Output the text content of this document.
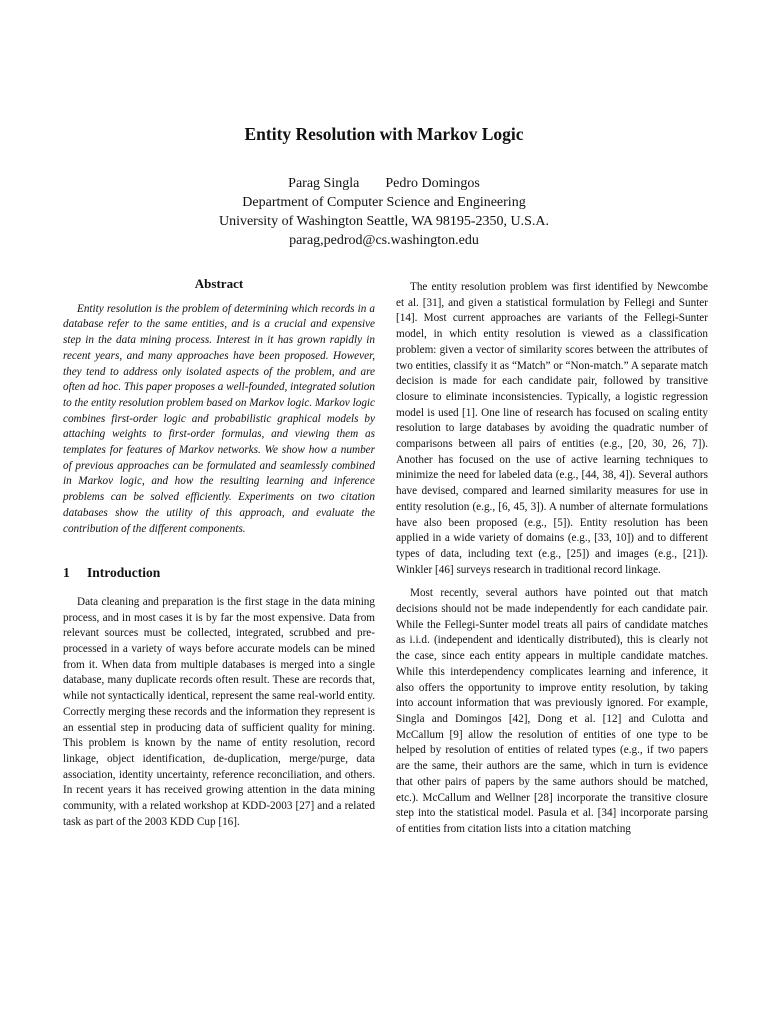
Entity Resolution with Markov Logic
Parag Singla Pedro Domingos
Department of Computer Science and Engineering
University of Washington Seattle, WA 98195-2350, U.S.A.
parag,pedrod@cs.washington.edu
Abstract

Entity resolution is the problem of determining which records in a database refer to the same entities, and is a crucial and expensive step in the data mining process. Interest in it has grown rapidly in recent years, and many approaches have been proposed. However, they tend to address only isolated aspects of the problem, and are often ad hoc. This paper proposes a well-founded, integrated solution to the entity resolution problem based on Markov logic. Markov logic combines first-order logic and probabilistic graphical models by attaching weights to first-order formulas, and viewing them as templates for features of Markov networks. We show how a number of previous approaches can be formulated and seamlessly combined in Markov logic, and how the resulting learning and inference problems can be solved efficiently. Experiments on two citation databases show the utility of this approach, and evaluate the contribution of the different components.

1 Introduction

Data cleaning and preparation is the first stage in the data mining process, and in most cases it is by far the most expensive. Data from relevant sources must be collected, integrated, scrubbed and pre-processed in a variety of ways before accurate models can be mined from it. When data from multiple databases is merged into a single database, many duplicate records often result. These are records that, while not syntactically identical, represent the same real-world entity. Correctly merging these records and the information they represent is an essential step in producing data of sufficient quality for mining. This problem is known by the name of entity resolution, record linkage, object identification, de-duplication, merge/purge, data association, identity uncertainty, reference reconciliation, and others. In recent years it has received growing attention in the data mining community, with a related workshop at KDD-2003 [27] and a related task as part of the 2003 KDD Cup [16].

The entity resolution problem was first identified by Newcombe et al. [31], and given a statistical formulation by Fellegi and Sunter [14]. Most current approaches are variants of the Fellegi-Sunter model, in which entity resolution is viewed as a classification problem: given a vector of similarity scores between the attributes of two entities, classify it as “Match” or “Non-match.” A separate match decision is made for each candidate pair, followed by transitive closure to eliminate inconsistencies. Typically, a logistic regression model is used [1]. One line of research has focused on scaling entity resolution to large databases by avoiding the quadratic number of comparisons between all pairs of entities (e.g., [20, 30, 26, 7]). Another has focused on the use of active learning techniques to minimize the need for labeled data (e.g., [44, 38, 4]). Several authors have devised, compared and learned similarity measures for use in entity resolution (e.g., [6, 45, 3]). A number of alternate formulations have also been proposed (e.g., [5]). Entity resolution has been applied in a wide variety of domains (e.g., [33, 10]) and to different types of data, including text (e.g., [25]) and images (e.g., [21]). Winkler [46] surveys research in traditional record linkage.

Most recently, several authors have pointed out that match decisions should not be made independently for each candidate pair. While the Fellegi-Sunter model treats all pairs of candidate matches as i.i.d. (independent and identically distributed), this is clearly not the case, since each entity appears in multiple candidate matches. While this interdependency complicates learning and inference, it also offers the opportunity to improve entity resolution, by taking into account information that was previously ignored. For example, Singla and Domingos [42], Dong et al. [12] and Culotta and McCallum [9] allow the resolution of entities of one type to be helped by resolution of entities of related types (e.g., if two papers are the same, their authors are the same, which in turn is evidence that other pairs of papers by the same authors should be matched, etc.). McCallum and Wellner [28] incorporate the transitive closure step into the statistical model. Pasula et al. [34] incorporate parsing of entities from citation lists into a citation matching
